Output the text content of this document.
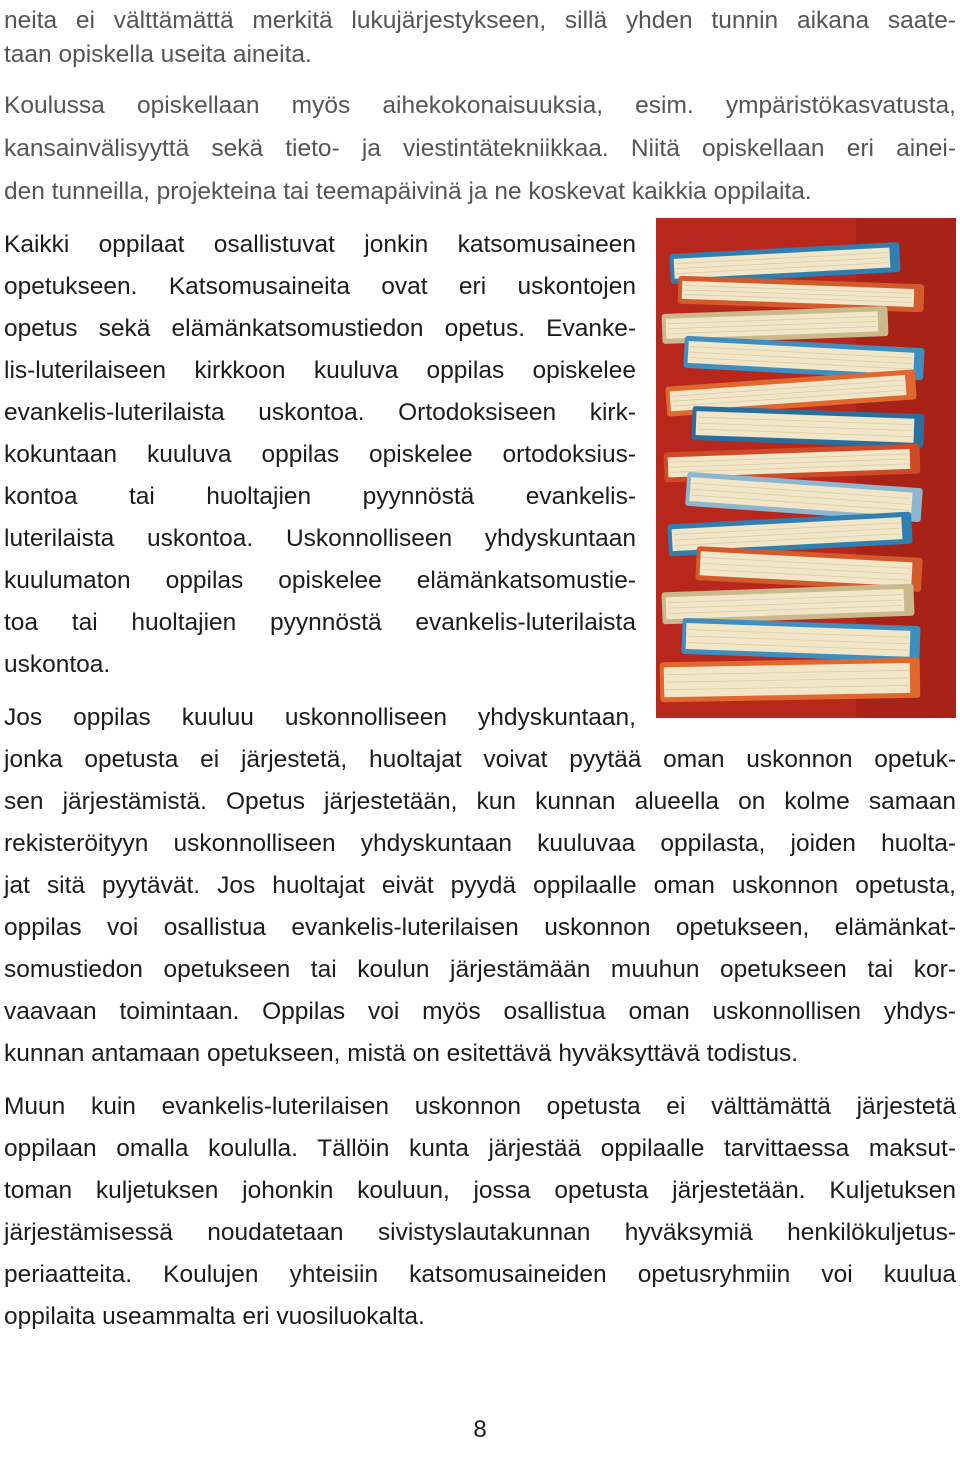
neita ei välttämättä merkitä lukujärjestykseen, sillä yhden tunnin aikana saate-

taan opiskella useita aineita.

Koulussa opiskellaan myös aihekokonaisuuksia, esim. ympäristökasvatusta,

kansainvälisyyttä sekä tieto- ja viestintätekniikkaa. Niitä opiskellaan eri ainei-

den tunneilla, projekteina tai teemapäivinä ja ne koskevat kaikkia oppilaita.

Kaikki oppilaat osallistuvat jonkin katsomusaineen

opetukseen. Katsomusaineita ovat eri uskontojen

opetus sekä elämänkatsomustiedon opetus. Evanke-

lis-luterilaiseen kirkkoon kuuluva oppilas opiskelee

evankelis-luterilaista uskontoa. Ortodoksiseen kirk-

kokuntaan kuuluva oppilas opiskelee ortodoksius-

kontoa tai huoltajien pyynnöstä evankelis-

luterilaista uskontoa. Uskonnolliseen yhdyskuntaan

kuulumaton oppilas opiskelee elämänkatsomustie-

toa tai huoltajien pyynnöstä evankelis-luterilaista

uskontoa.

Jos oppilas kuuluu uskonnolliseen yhdyskuntaan,

jonka opetusta ei järjestetä, huoltajat voivat pyytää oman uskonnon opetuk-

sen järjestämistä. Opetus järjestetään, kun kunnan alueella on kolme samaan

rekisteröityyn uskonnolliseen yhdyskuntaan kuuluvaa oppilasta, joiden huolta-

jat sitä pyytävät. Jos huoltajat eivät pyydä oppilaalle oman uskonnon opetusta,

oppilas voi osallistua evankelis-luterilaisen uskonnon opetukseen, elämänkat-

somustiedon opetukseen tai koulun järjestämään muuhun opetukseen tai kor-

vaavaan toimintaan. Oppilas voi myös osallistua oman uskonnollisen yhdys-

kunnan antamaan opetukseen, mistä on esitettävä hyväksyttävä todistus.

Muun kuin evankelis-luterilaisen uskonnon opetusta ei välttämättä järjestetä

oppilaan omalla koululla. Tällöin kunta järjestää oppilaalle tarvittaessa maksut-

toman kuljetuksen johonkin kouluun, jossa opetusta järjestetään. Kuljetuksen

järjestämisessä noudatetaan sivistyslautakunnan hyväksymiä henkilökuljetus-

periaatteita. Koulujen yhteisiin katsomusaineiden opetusryhmiin voi kuulua

oppilaita useammalta eri vuosiluokalta.

8
